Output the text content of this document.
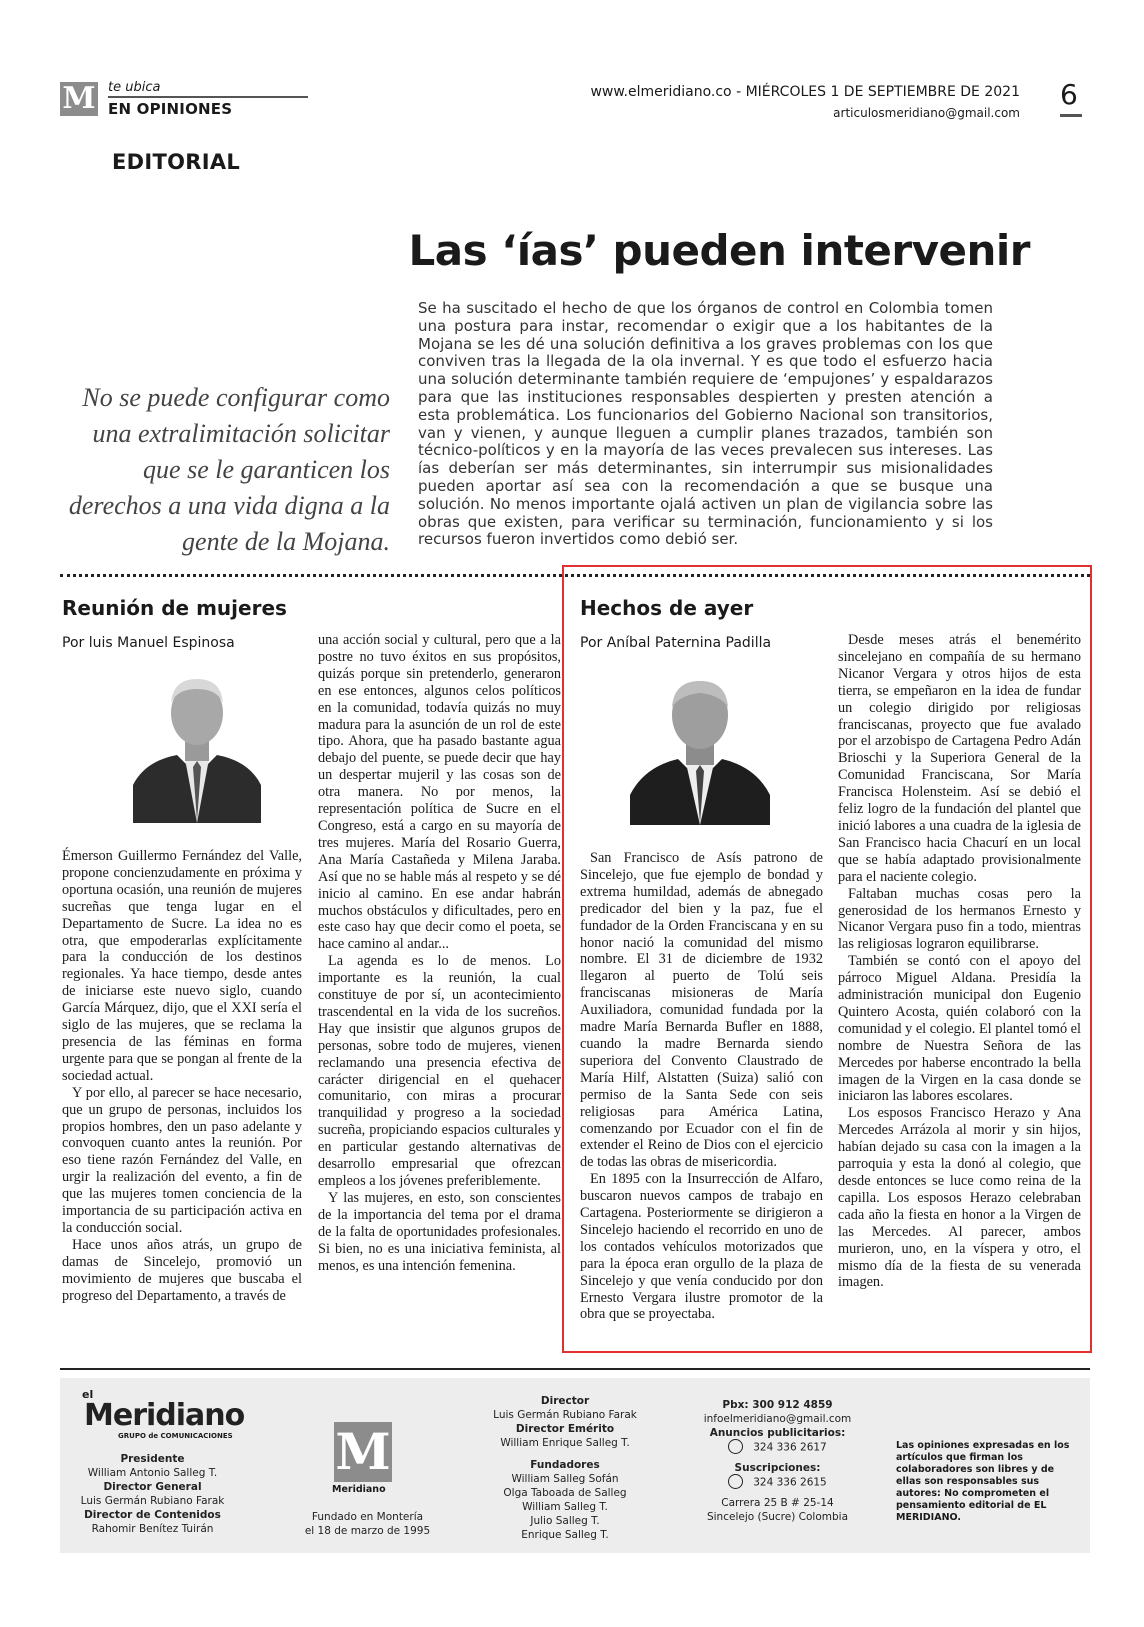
M te ubica
EN OPINIONES
www.elmeridiano.co - MIÉRCOLES 1 DE SEPTIEMBRE DE 2021
articulosmeridiano@gmail.com
6
EDITORIAL
Las ‘ías’ pueden intervenir
No se puede configurar como una extralimitación solicitar que se le garanticen los derechos a una vida digna a la gente de la Mojana.
Se ha suscitado el hecho de que los órganos de control en Colombia tomen una postura para instar, recomendar o exigir que a los habitantes de la Mojana se les dé una solución definitiva a los graves problemas con los que conviven tras la llegada de la ola invernal. Y es que todo el esfuerzo hacia una solución determinante también requiere de ‘empujones’ y espaldarazos para que las instituciones responsables despierten y presten atención a esta problemática. Los funcionarios del Gobierno Nacional son transitorios, van y vienen, y aunque lleguen a cumplir planes trazados, también son técnico-políticos y en la mayoría de las veces prevalecen sus intereses. Las ías deberían ser más determinantes, sin interrumpir sus misionalidades pueden aportar así sea con la recomendación a que se busque una solución. No menos importante ojalá activen un plan de vigilancia sobre las obras que existen, para verificar su terminación, funcionamiento y si los recursos fueron invertidos como debió ser.
Reunión de mujeres
Por luis Manuel Espinosa

Émerson Guillermo Fernández del Valle, propone concienzudamente en próxima y oportuna ocasión, una reunión de mujeres sucreñas que tenga lugar en el Departamento de Sucre. La idea no es otra, que empoderarlas explícitamente para la conducción de los destinos regionales. Ya hace tiempo, desde antes de iniciarse este nuevo siglo, cuando García Márquez, dijo, que el XXI sería el siglo de las mujeres, que se reclama la presencia de las féminas en forma urgente para que se pongan al frente de la sociedad actual.

Y por ello, al parecer se hace necesario, que un grupo de personas, incluidos los propios hombres, den un paso adelante y convoquen cuanto antes la reunión. Por eso tiene razón Fernández del Valle, en urgir la realización del evento, a fin de que las mujeres tomen conciencia de la importancia de su participación activa en la conducción social.

Hace unos años atrás, un grupo de damas de Sincelejo, promovió un movimiento de mujeres que buscaba el progreso del Departamento, a través de

una acción social y cultural, pero que a la postre no tuvo éxitos en sus propósitos, quizás porque sin pretenderlo, generaron en ese entonces, algunos celos políticos en la comunidad, todavía quizás no muy madura para la asunción de un rol de este tipo. Ahora, que ha pasado bastante agua debajo del puente, se puede decir que hay un despertar mujeril y las cosas son de otra manera. No por menos, la representación política de Sucre en el Congreso, está a cargo en su mayoría de tres mujeres. María del Rosario Guerra, Ana María Castañeda y Milena Jaraba. Así que no se hable más al respeto y se dé inicio al camino. En ese andar habrán muchos obstáculos y dificultades, pero en este caso hay que decir como el poeta, se hace camino al andar...

La agenda es lo de menos. Lo importante es la reunión, la cual constituye de por sí, un acontecimiento trascendental en la vida de los sucreños. Hay que insistir que algunos grupos de personas, sobre todo de mujeres, vienen reclamando una presencia efectiva de carácter dirigencial en el quehacer comunitario, con miras a procurar tranquilidad y progreso a la sociedad sucreña, propiciando espacios culturales y en particular gestando alternativas de desarrollo empresarial que ofrezcan empleos a los jóvenes preferiblemente.

Y las mujeres, en esto, son conscientes de la importancia del tema por el drama de la falta de oportunidades profesionales. Si bien, no es una iniciativa feminista, al menos, es una intención femenina.

Hechos de ayer
Por Aníbal Paternina Padilla

San Francisco de Asís patrono de Sincelejo, que fue ejemplo de bondad y extrema humildad, además de abnegado predicador del bien y la paz, fue el fundador de la Orden Franciscana y en su honor nació la comunidad del mismo nombre. El 31 de diciembre de 1932 llegaron al puerto de Tolú seis franciscanas misioneras de María Auxiliadora, comunidad fundada por la madre María Bernarda Bufler en 1888, cuando la madre Bernarda siendo superiora del Convento Claustrado de María Hilf, Alstatten (Suiza) salió con permiso de la Santa Sede con seis religiosas para América Latina, comenzando por Ecuador con el fin de extender el Reino de Dios con el ejercicio de todas las obras de misericordia.

En 1895 con la Insurrección de Alfaro, buscaron nuevos campos de trabajo en Cartagena. Posteriormente se dirigieron a Sincelejo haciendo el recorrido en uno de los contados vehículos motorizados que para la época eran orgullo de la plaza de Sincelejo y que venía conducido por don Ernesto Vergara ilustre promotor de la obra que se proyectaba.

Desde meses atrás el benemérito sincelejano en compañía de su hermano Nicanor Vergara y otros hijos de esta tierra, se empeñaron en la idea de fundar un colegio dirigido por religiosas franciscanas, proyecto que fue avalado por el arzobispo de Cartagena Pedro Adán Brioschi y la Superiora General de la Comunidad Franciscana, Sor María Francisca Holensteim. Así se debió el feliz logro de la fundación del plantel que inició labores a una cuadra de la iglesia de San Francisco hacia Chacurí en un local que se había adaptado provisionalmente para el naciente colegio.

Faltaban muchas cosas pero la generosidad de los hermanos Ernesto y Nicanor Vergara puso fin a todo, mientras las religiosas lograron equilibrarse.

También se contó con el apoyo del párroco Miguel Aldana. Presidía la administración municipal don Eugenio Quintero Acosta, quién colaboró con la comunidad y el colegio. El plantel tomó el nombre de Nuestra Señora de las Mercedes por haberse encontrado la bella imagen de la Virgen en la casa donde se iniciaron las labores escolares.

Los esposos Francisco Herazo y Ana Mercedes Arrázola al morir y sin hijos, habían dejado su casa con la imagen a la parroquia y esta la donó al colegio, que desde entonces se luce como reina de la capilla. Los esposos Herazo celebraban cada año la fiesta en honor a la Virgen de las Mercedes. Al parecer, ambos murieron, uno, en la víspera y otro, el mismo día de la fiesta de su venerada imagen.

el
Meridiano
GRUPO de COMUNICACIONES
Presidente
William Antonio Salleg T.
Director General
Luis Germán Rubiano Farak
Director de Contenidos
Rahomir Benítez Tuirán
M
Meridiano
Fundado en Montería
el 18 de marzo de 1995
Director
Luis Germán Rubiano Farak
Director Emérito
William Enrique Salleg T.
Fundadores
William Salleg Sofán
Olga Taboada de Salleg
William Salleg T.
Julio Salleg T.
Enrique Salleg T.
Pbx: 300 912 4859
infoelmeridiano@gmail.com
Anuncios publicitarios:
324 336 2617
Suscripciones:
324 336 2615
Carrera 25 B # 25-14
Sincelejo (Sucre) Colombia
Las opiniones expresadas en los artículos que firman los colaboradores son libres y de ellas son responsables sus autores: No comprometen el pensamiento editorial de EL MERIDIANO.
